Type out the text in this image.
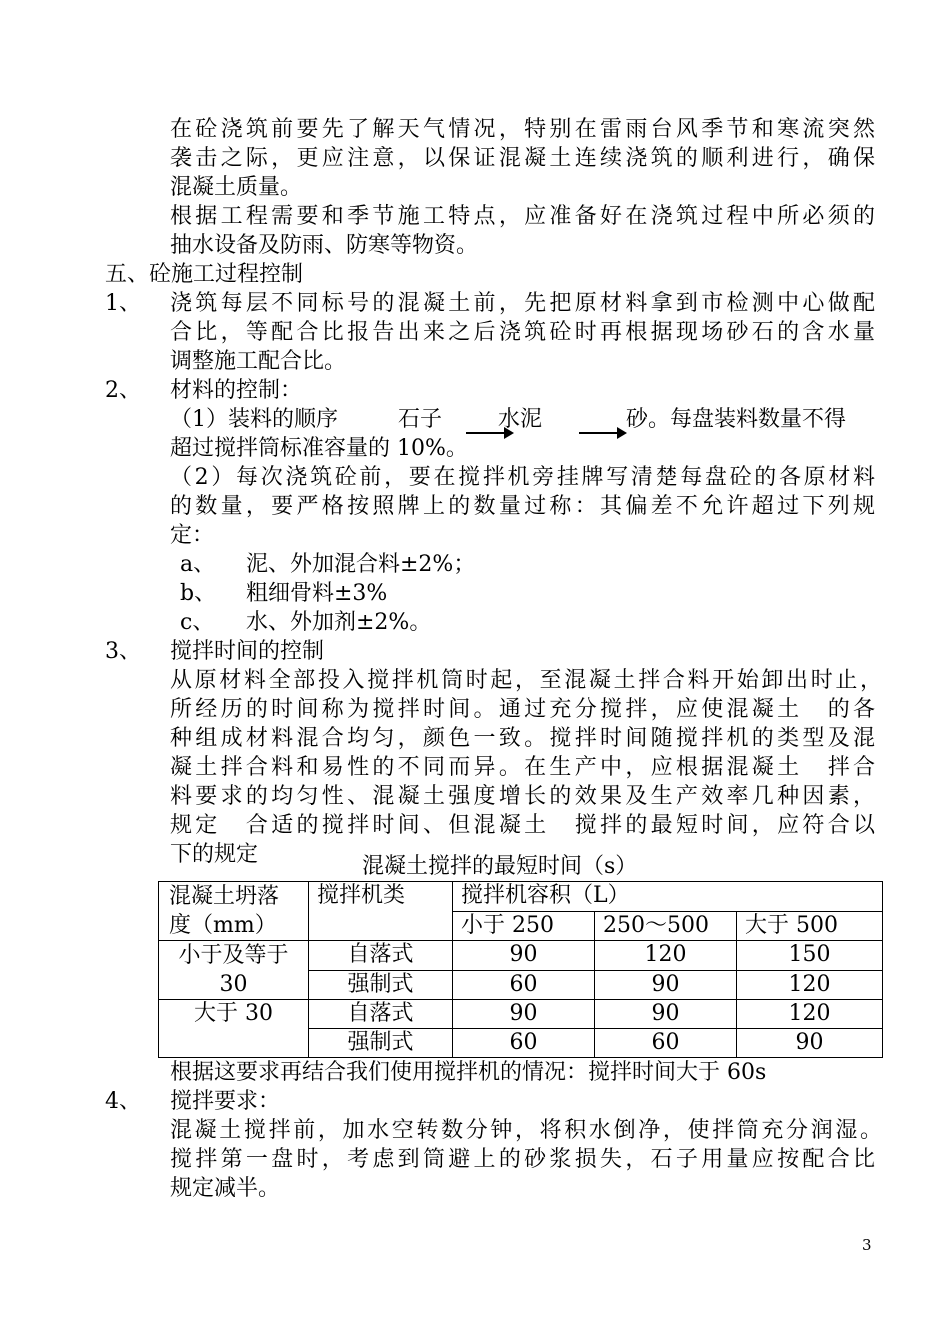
在砼浇筑前要先了解天气情况，特别在雷雨台风季节和寒流突然
袭击之际，更应注意，以保证混凝土连续浇筑的顺利进行，确保
混凝土质量。
根据工程需要和季节施工特点，应准备好在浇筑过程中所必须的
抽水设备及防雨、防寒等物资。
五、砼施工过程控制
1、 浇筑每层不同标号的混凝土前，先把原材料拿到市检测中心做配
合比，等配合比报告出来之后浇筑砼时再根据现场砂石的含水量
调整施工配合比。
2、 材料的控制：
（1）装料的顺序	石子	水泥	砂。每盘装料数量不得
超过搅拌筒标准容量的 10%。
（2）每次浇筑砼前，要在搅拌机旁挂牌写清楚每盘砼的各原材料
的数量，要严格按照牌上的数量过称：其偏差不允许超过下列规
定：
a、 泥、外加混合料±2%；
b、 粗细骨料±3%
c、 水、外加剂±2%。
3、 搅拌时间的控制
从原材料全部投入搅拌机筒时起，至混凝土拌合料开始卸出时止，
所经历的时间称为搅拌时间。通过充分搅拌，应使混凝土　的各
种组成材料混合均匀，颜色一致。搅拌时间随搅拌机的类型及混
凝土拌合料和易性的不同而异。在生产中，应根据混凝土　拌合
料要求的均匀性、混凝土强度增长的效果及生产效率几种因素，
规定　合适的搅拌时间、但混凝土　搅拌的最短时间，应符合以
下的规定	混凝土搅拌的最短时间（s）
混凝土坍落度（mm）	搅拌机类	搅拌机容积（L）		
		小于 250	250～500	大于 500
小于及等于30	自落式	90	120	150
	强制式	60	90	120
大于 30	自落式	90	90	120
	强制式	60	60	90
根据这要求再结合我们使用搅拌机的情况：搅拌时间大于 60s
4、 搅拌要求：
混凝土搅拌前，加水空转数分钟，将积水倒净，使拌筒充分润湿。
搅拌第一盘时，考虑到筒避上的砂浆损失，石子用量应按配合比
规定减半。
3
